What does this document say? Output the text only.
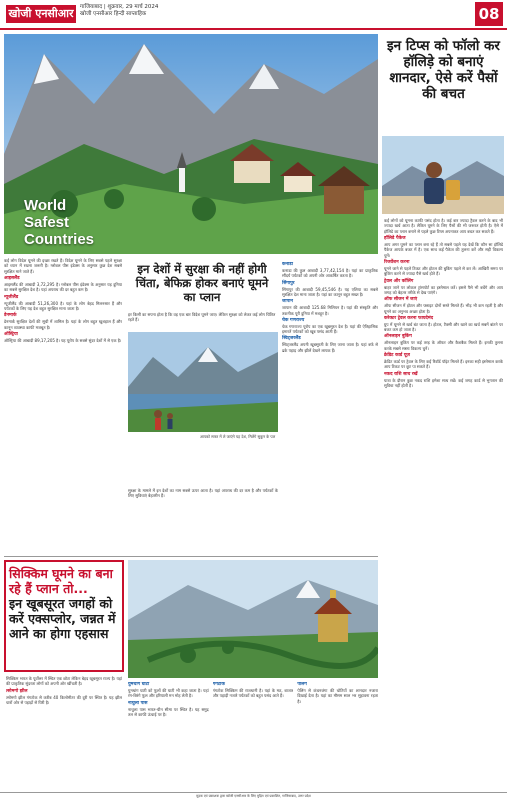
खोजी एनसीआर	गाजियाबाद | शुक्रवार, 29 मार्च 2024
खोजी एनसीआर हिन्दी साप्ताहिक	08
World
Safest
Countries
इन टिप्स को फॉलो कर हॉलिड़े को बनाएं शानदार, ऐसे करें पैसों की बचत

कई लोगों को घूमना काफी पसंद होता है। कई बार ज्यादा ट्रैवल करने के बाद भी ज्यादा खर्च आता है। लेकिन घूमने के लिए पैसों की भी जरूरत होती है। ऐसे में हॉलिडे का प्लान बनाने से पहले कुछ टिप्स अपनाकर आप बचत कर सकते हैं।

हॉलिडे पैकेज

आप अगर घूमने का प्लान बना रहे हैं तो सबसे पहले यह देखें कि कौन सा हॉलिडे पैकेज आपके बजट में है। एक साथ कई पैकेज की तुलना करें और सही विकल्प चुनें।

रिजर्वेशन करना

घूमने जाने से पहले टिकट और होटल की बुकिंग पहले से कर लें। आखिरी समय पर बुकिंग करने से ज्यादा पैसे खर्च होते हैं।

ट्रेवल और कॉलिंग

बाहर जाने पर लोकल ट्रांसपोर्ट का इस्तेमाल करें। इससे पैसे भी बचेंगे और आप जगह को बेहतर तरीके से देख पाएंगे।

ऑफ सीजन में जाएं

ऑफ सीजन में होटल और फ्लाइट दोनों सस्ते मिलते हैं। भीड़ भी कम रहती है और घूमने का अनुभव अच्छा होता है।

करेक्टर ट्रेवल करना फायदेमंद

ग्रुप में घूमने से खर्च बंट जाता है। होटल, टैक्सी और खाने का खर्च सबमें बांटने पर बजट कम हो जाता है।

ऑनलाइन बुकिंग

ऑनलाइन बुकिंग पर कई तरह के ऑफर और कैशबैक मिलते हैं। इनकी तुलना करके सबसे सस्ता विकल्प चुनें।

क्रेडिट कार्ड यूज़

क्रेडिट कार्ड पर ट्रेवल के लिए कई रिवॉर्ड पॉइंट मिलते हैं। इनका सही इस्तेमाल करके आप टिकट पर छूट पा सकते हैं।

नकद राशि साथ रखें

यात्रा के दौरान कुछ नकद राशि हमेशा साथ रखें। कई जगह कार्ड से भुगतान की सुविधा नहीं होती है।

कई लोग विदेश घूमने की इच्छा रखते हैं। विदेश घूमने के लिए सबसे पहले सुरक्षा को ध्यान में रखना जरूरी है। ग्लोबल पीस इंडेक्स के अनुसार कुछ देश सबसे सुरक्षित माने जाते हैं।

आइसलैंड

आइसलैंड की आबादी 3,72,295 है। ग्लोबल पीस इंडेक्स के अनुसार यह दुनिया का सबसे सुरक्षित देश है। यहां अपराध की दर बहुत कम है।

न्यूजीलैंड

न्यूजीलैंड की आबादी 51,26,300 है। यहां के लोग बेहद मिलनसार हैं और पर्यटकों के लिए यह देश बहुत सुरक्षित माना जाता है।

डेनमार्क

डेनमार्क सुरक्षित देशों की सूची में शामिल है। यहां के लोग बहुत खुशहाल हैं और कानून व्यवस्था काफी मजबूत है।

ऑस्ट्रिया

ऑस्ट्रिया की आबादी 89,17,205 है। यह यूरोप के सबसे सुंदर देशों में से एक है।

इन देशों में सुरक्षा की नहीं होगी चिंता, बेफिक्र होकर बनाएं घूमने का प्लान
हर किसी का सपना होता है कि वह एक बार विदेश घूमने जाए। लेकिन सुरक्षा को लेकर कई लोग चिंतित रहते हैं।
आपको सफर में ले जाएंगे यह देश, मिलेंगे सुकून के पल

सुरक्षा के मामले में इन देशों का नाम सबसे ऊपर आता है। यहां अपराध की दर कम है और पर्यटकों के लिए सुविधाएं बेहतरीन हैं।

कनाडा

कनाडा की कुल आबादी 3,77,42,154 है। यहां का प्राकृतिक सौंदर्य पर्यटकों को अपनी ओर आकर्षित करता है।

सिंगापुर

सिंगापुर की आबादी 59,45,546 है। यह एशिया का सबसे सुरक्षित देश माना जाता है। यहां का कानून बहुत सख्त है।

जापान

जापान की आबादी 125.68 मिलियन है। यहां की संस्कृति और तकनीक पूरी दुनिया में मशहूर है।

चेक गणराज्य

चेक गणराज्य यूरोप का एक खूबसूरत देश है। यहां की ऐतिहासिक इमारतें पर्यटकों को खूब पसंद आती हैं।

स्विट्जरलैंड

स्विट्जरलैंड अपनी खूबसूरती के लिए जाना जाता है। यहां बर्फ से ढके पहाड़ और झीलें देखने लायक हैं।

सिक्किम घूमने का बना रहे हैं प्लान तो...
इन खूबसूरत जगहों को करें एक्सप्लोर, जन्नत में आने का होगा एहसास

सिक्किम भारत के पूर्वोत्तर में स्थित एक छोटा लेकिन बेहद खूबसूरत राज्य है। यहां की प्राकृतिक सुंदरता लोगों को अपनी ओर खींचती है।

त्सोमगो झील

त्सोमगो झील गंगटोक से करीब 40 किलोमीटर की दूरी पर स्थित है। यह झील चारों ओर से पहाड़ों से घिरी है।

युमथांग घाटी

युमथांग घाटी को फूलों की घाटी भी कहा जाता है। यहां रंग-बिरंगे फूल और हरियाली मन मोह लेती है।

नाथुला पास

नाथुला पास भारत-चीन सीमा पर स्थित है। यह समुद्र तल से काफी ऊंचाई पर है।

गंगटोक

गंगटोक सिक्किम की राजधानी है। यहां के मठ, बाजार और पहाड़ी नजारे पर्यटकों को बहुत पसंद आते हैं।

पेलिंग

पेलिंग से कंचनजंगा की चोटियों का शानदार नजारा दिखाई देता है। यहां का मौसम साल भर सुहावना रहता है।

मुद्रक एवं प्रकाशक द्वारा खोजी एनसीआर के लिए मुद्रित एवं प्रकाशित, गाजियाबाद, उत्तर प्रदेश
